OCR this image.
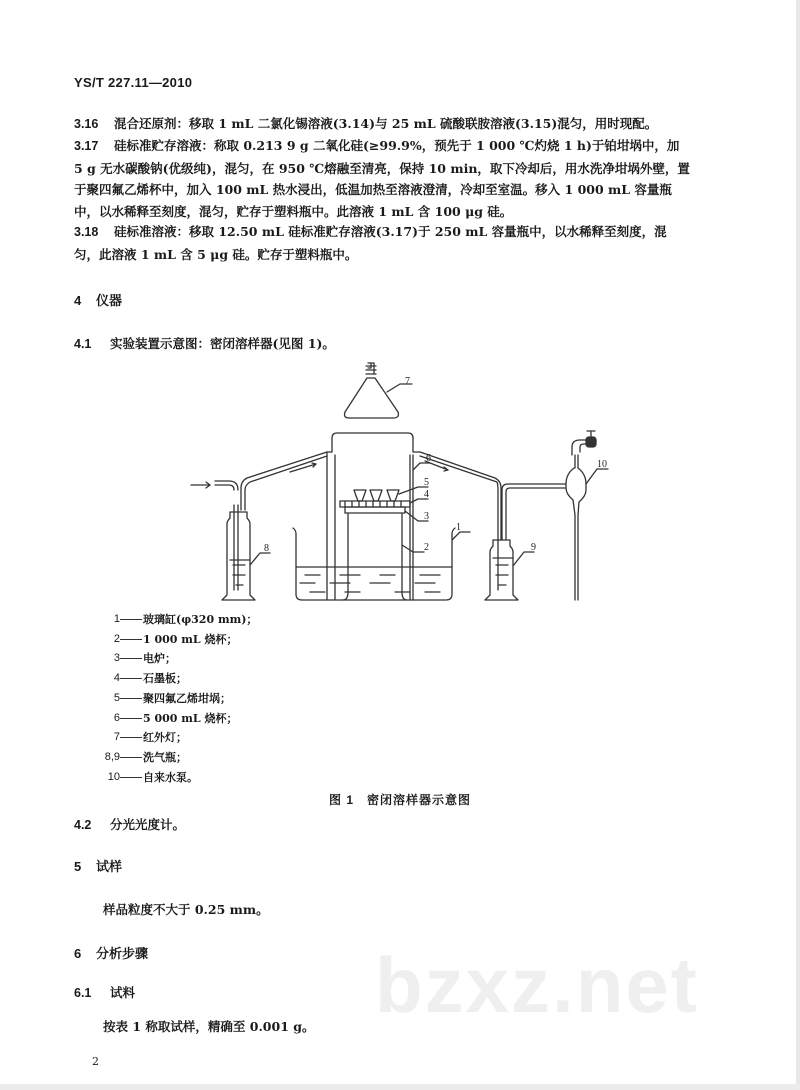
YS/T 227.11—2010
3.16 混合还原剂：移取 1 mL 二氯化锡溶液(3.14)与 25 mL 硫酸联胺溶液(3.15)混匀，用时现配。
3.17 硅标准贮存溶液：称取 0.213 9 g 二氧化硅(≥99.9%，预先于 1 000 ℃灼烧 1 h)于铂坩埚中，加
5 g 无水碳酸钠(优级纯)，混匀，在 950 ℃熔融至清亮，保持 10 min，取下冷却后，用水洗净坩埚外壁，置
于聚四氟乙烯杯中，加入 100 mL 热水浸出，低温加热至溶液澄清，冷却至室温。移入 1 000 mL 容量瓶
中，以水稀释至刻度，混匀，贮存于塑料瓶中。此溶液 1 mL 含 100 μg 硅。
3.18 硅标准溶液：移取 12.50 mL 硅标准贮存溶液(3.17)于 250 mL 容量瓶中，以水稀释至刻度，混
匀，此溶液 1 mL 含 5 μg 硅。贮存于塑料瓶中。
4 仪器
4.1 实验装置示意图：密闭溶样器(见图 1)。
7
1
2
3
4
5
6
8	9
10
1 玻璃缸(φ320 mm)；
2 1 000 mL 烧杯；
3 电炉；
4 石墨板；
5 聚四氟乙烯坩埚；
6 5 000 mL 烧杯；
7 红外灯；
8,9 洗气瓶；
10 自来水泵。
图 1　密闭溶样器示意图
4.2 分光光度计。
5 试样
样品粒度不大于 0.25 mm。
6 分析步骤
6.1 试料
按表 1 称取试样，精确至 0.001 g。
2
bzxz.net
